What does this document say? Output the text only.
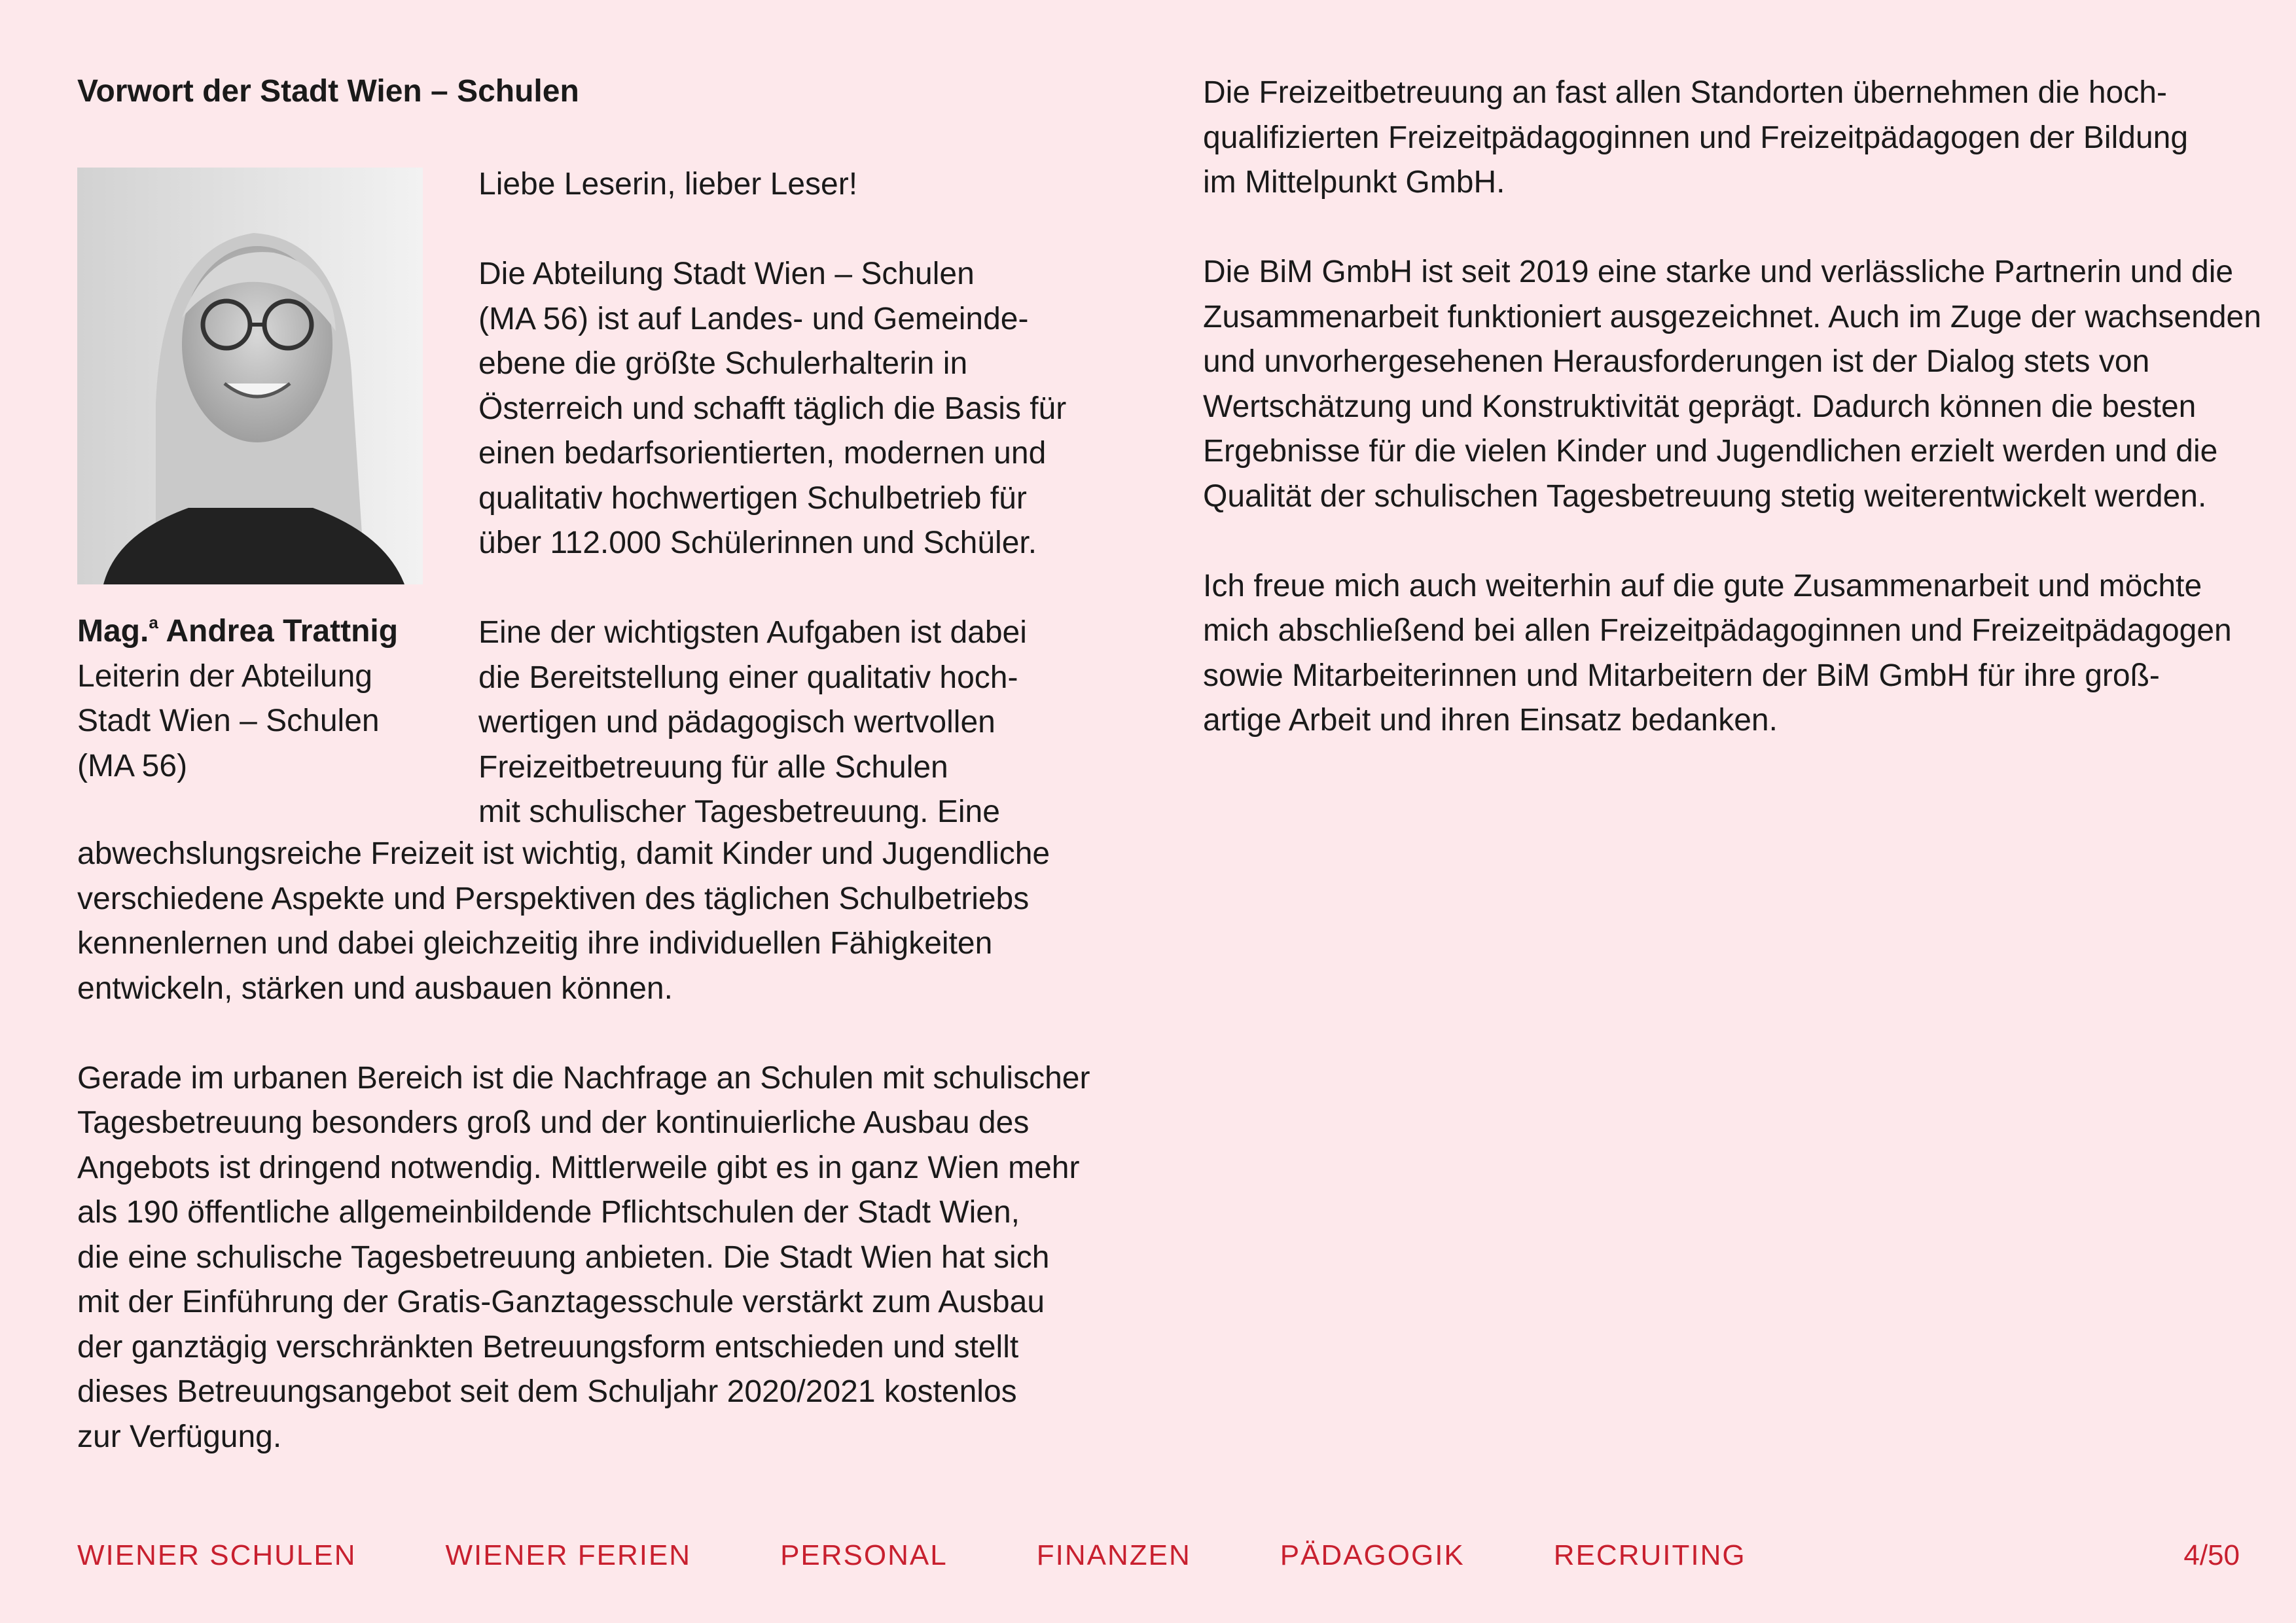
Vorwort der Stadt Wien – Schulen
Mag.$^a$ Andrea Trattnig
Leiterin der Abteilung
Stadt Wien – Schulen
(MA 56)

Liebe Leserin, lieber Leser!

Die Abteilung Stadt Wien – Schulen
(MA 56) ist auf Landes- und Gemeinde-
ebene die größte Schulerhalterin in
Österreich und schafft täglich die Basis für
einen bedarfsorientierten, modernen und
qualitativ hochwertigen Schulbetrieb für
über 112.000 Schülerinnen und Schüler.

Eine der wichtigsten Aufgaben ist dabei
die Bereitstellung einer qualitativ hoch-
wertigen und pädagogisch wertvollen
Freizeitbetreuung für alle Schulen
mit schulischer Tagesbetreuung. Eine

abwechslungsreiche Freizeit ist wichtig, damit Kinder und Jugendliche
verschiedene Aspekte und Perspektiven des täglichen Schulbetriebs
kennenlernen und dabei gleichzeitig ihre individuellen Fähigkeiten
entwickeln, stärken und ausbauen können.

Gerade im urbanen Bereich ist die Nachfrage an Schulen mit schulischer
Tagesbetreuung besonders groß und der kontinuierliche Ausbau des
Angebots ist dringend notwendig. Mittlerweile gibt es in ganz Wien mehr
als 190 öffentliche allgemeinbildende Pflichtschulen der Stadt Wien,
die eine schulische Tagesbetreuung anbieten. Die Stadt Wien hat sich
mit der Einführung der Gratis-Ganztagesschule verstärkt zum Ausbau
der ganztägig verschränkten Betreuungsform entschieden und stellt
dieses Betreuungsangebot seit dem Schuljahr 2020/2021 kostenlos
zur Verfügung.

Die Freizeitbetreuung an fast allen Standorten übernehmen die hoch-
qualifizierten Freizeitpädagoginnen und Freizeitpädagogen der Bildung
im Mittelpunkt GmbH.

Die BiM GmbH ist seit 2019 eine starke und verlässliche Partnerin und die
Zusammenarbeit funktioniert ausgezeichnet. Auch im Zuge der wachsenden
und unvorhergesehenen Herausforderungen ist der Dialog stets von
Wertschätzung und Konstruktivität geprägt. Dadurch können die besten
Ergebnisse für die vielen Kinder und Jugendlichen erzielt werden und die
Qualität der schulischen Tagesbetreuung stetig weiterentwickelt werden.

Ich freue mich auch weiterhin auf die gute Zusammenarbeit und möchte
mich abschließend bei allen Freizeitpädagoginnen und Freizeitpädagogen
sowie Mitarbeiterinnen und Mitarbeitern der BiM GmbH für ihre groß-
artige Arbeit und ihren Einsatz bedanken.

WIENER SCHULEN	WIENER FERIEN	PERSONAL	FINANZEN	PÄDAGOGIK	RECRUITING	4/50
